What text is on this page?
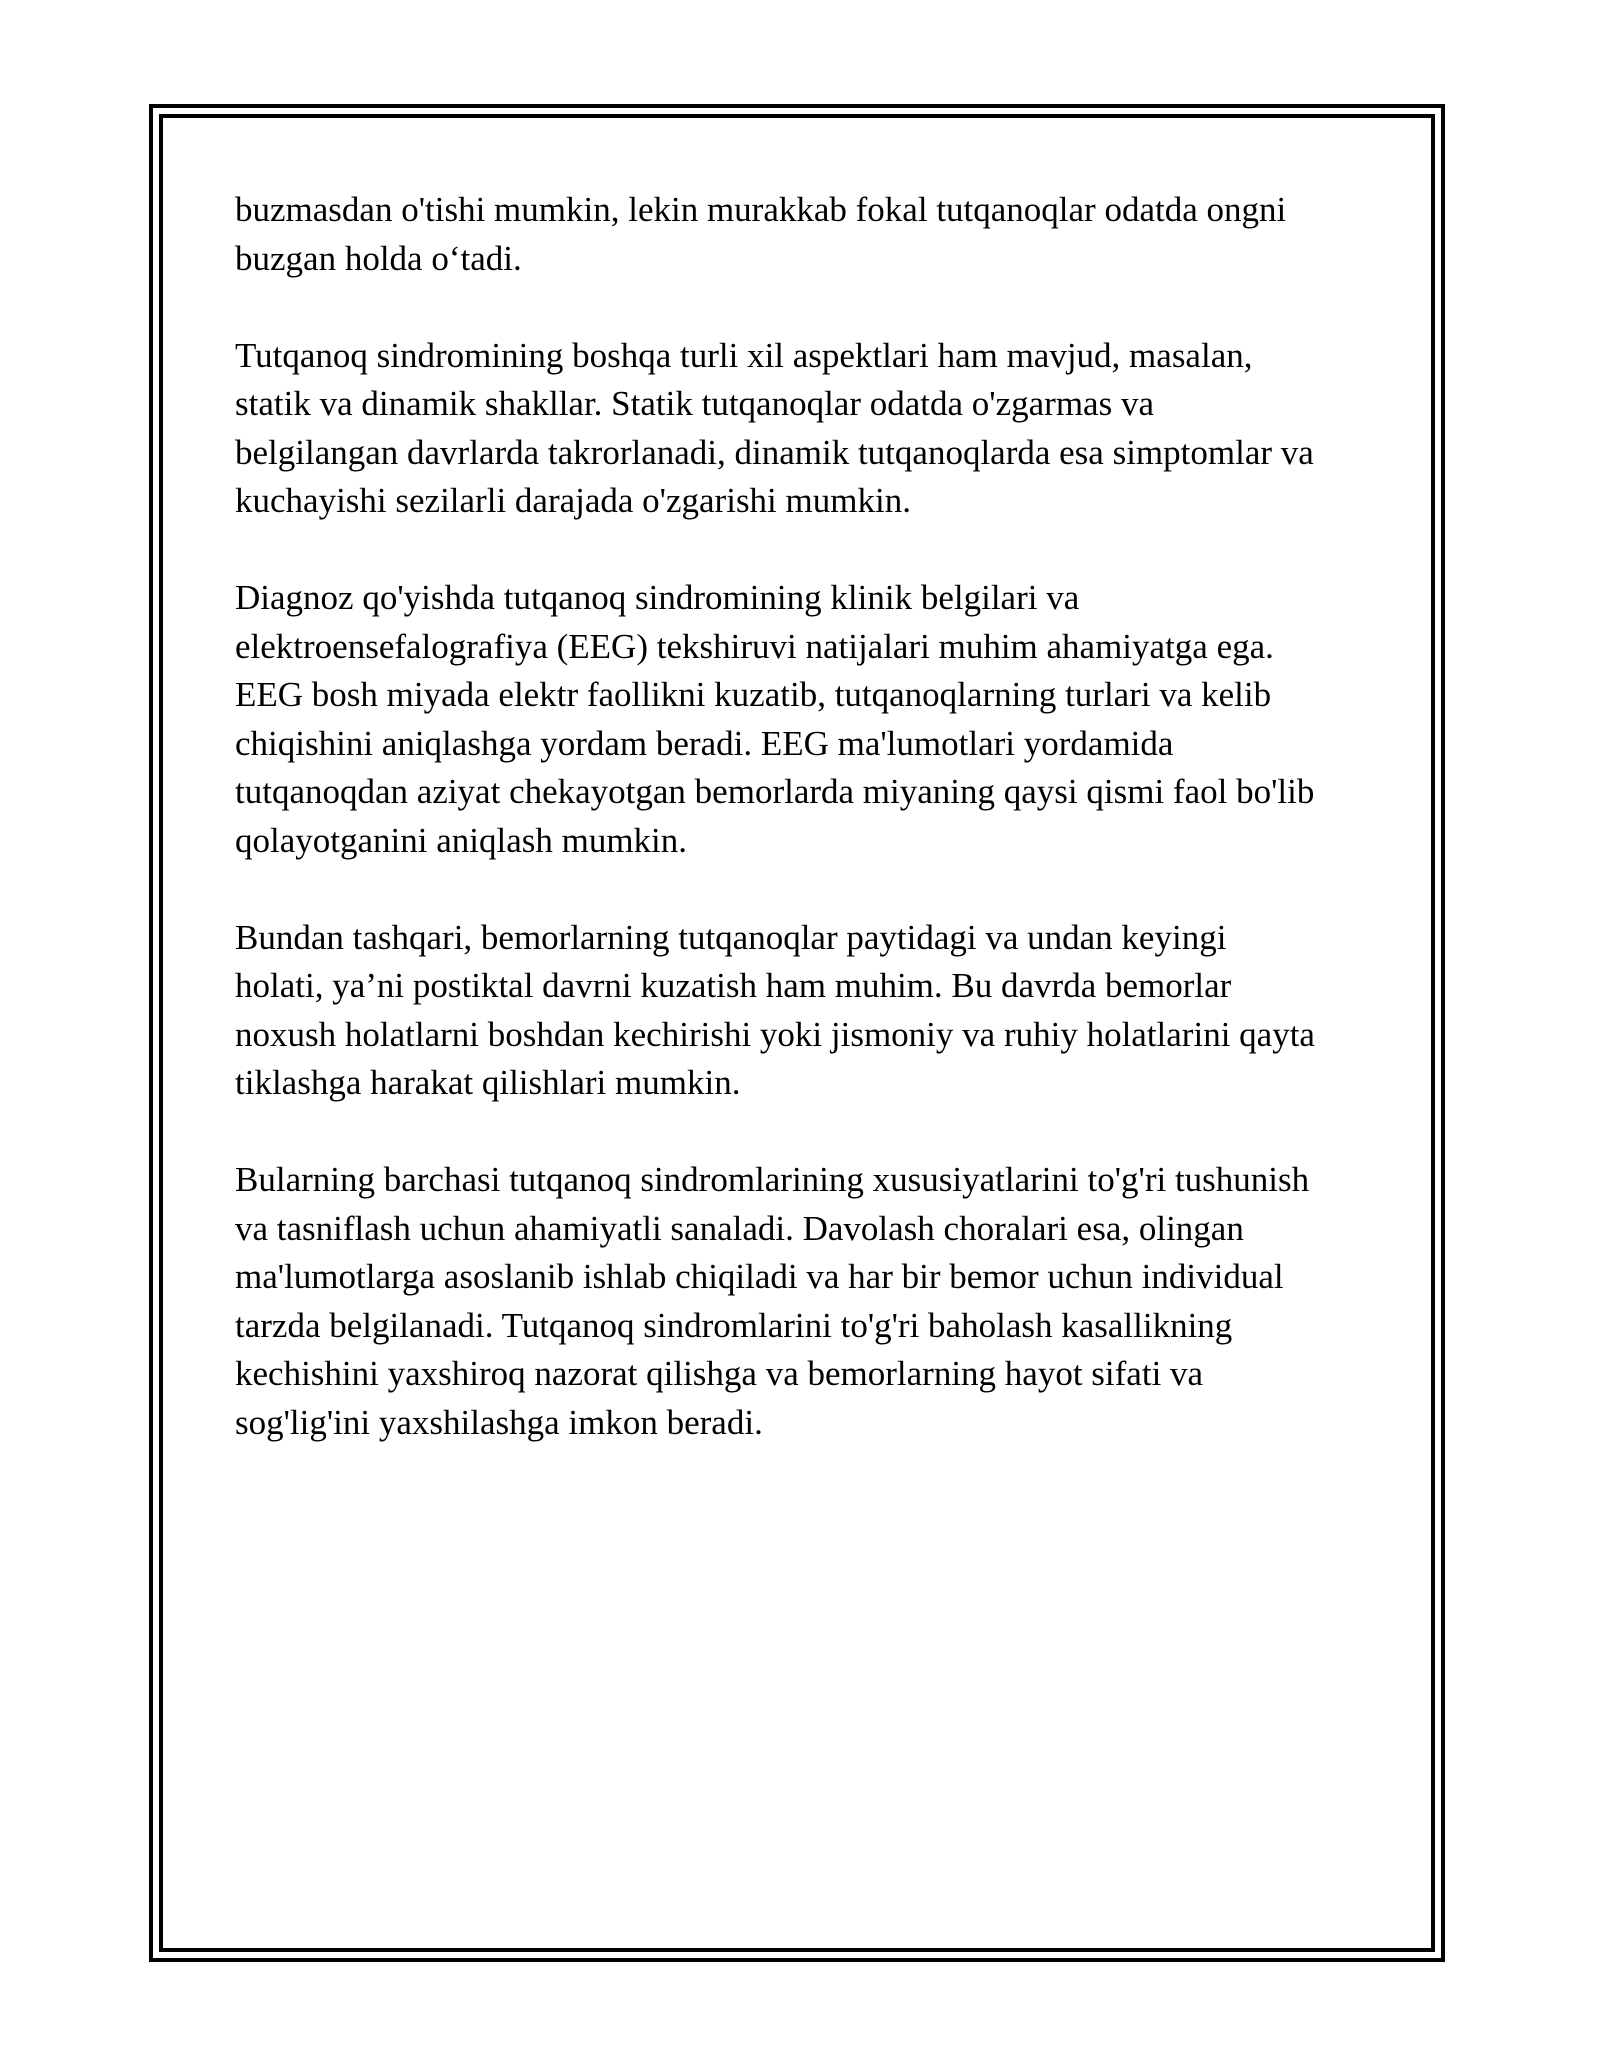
buzmasdan o'tishi mumkin, lekin murakkab fokal tutqanoqlar odatda ongni
buzgan holda o‘tadi.

Tutqanoq sindromining boshqa turli xil aspektlari ham mavjud, masalan,
statik va dinamik shakllar. Statik tutqanoqlar odatda o'zgarmas va
belgilangan davrlarda takrorlanadi, dinamik tutqanoqlarda esa simptomlar va
kuchayishi sezilarli darajada o'zgarishi mumkin.

Diagnoz qo'yishda tutqanoq sindromining klinik belgilari va
elektroensefalografiya (EEG) tekshiruvi natijalari muhim ahamiyatga ega.
EEG bosh miyada elektr faollikni kuzatib, tutqanoqlarning turlari va kelib
chiqishini aniqlashga yordam beradi. EEG ma'lumotlari yordamida
tutqanoqdan aziyat chekayotgan bemorlarda miyaning qaysi qismi faol bo'lib
qolayotganini aniqlash mumkin.

Bundan tashqari, bemorlarning tutqanoqlar paytidagi va undan keyingi
holati, ya’ni postiktal davrni kuzatish ham muhim. Bu davrda bemorlar
noxush holatlarni boshdan kechirishi yoki jismoniy va ruhiy holatlarini qayta
tiklashga harakat qilishlari mumkin.

Bularning barchasi tutqanoq sindromlarining xususiyatlarini to'g'ri tushunish
va tasniflash uchun ahamiyatli sanaladi. Davolash choralari esa, olingan
ma'lumotlarga asoslanib ishlab chiqiladi va har bir bemor uchun individual
tarzda belgilanadi. Tutqanoq sindromlarini to'g'ri baholash kasallikning
kechishini yaxshiroq nazorat qilishga va bemorlarning hayot sifati va
sog'lig'ini yaxshilashga imkon beradi.
